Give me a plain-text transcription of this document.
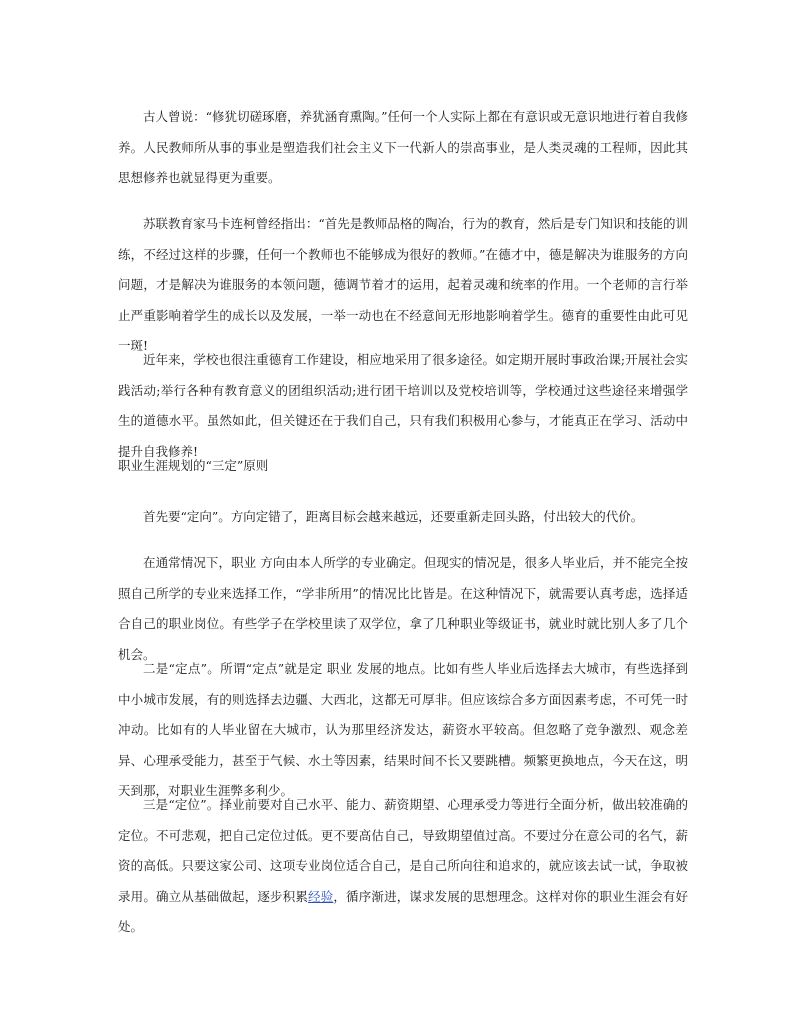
古人曾说：“修犹切磋琢磨，养犹涵育熏陶。”任何一个人实际上都在有意识或无意识地进行着自我修养。人民教师所从事的事业是塑造我们社会主义下一代新人的崇高事业，是人类灵魂的工程师，因此其思想修养也就显得更为重要。

苏联教育家马卡连柯曾经指出：“首先是教师品格的陶冶，行为的教育，然后是专门知识和技能的训练，不经过这样的步骤，任何一个教师也不能够成为很好的教师。”在德才中，德是解决为谁服务的方向问题，才是解决为谁服务的本领问题，德调节着才的运用，起着灵魂和统率的作用。一个老师的言行举止严重影响着学生的成长以及发展，一举一动也在不经意间无形地影响着学生。德育的重要性由此可见一斑!

近年来，学校也很注重德育工作建设，相应地采用了很多途径。如定期开展时事政治课;开展社会实践活动;举行各种有教育意义的团组织活动;进行团干培训以及党校培训等，学校通过这些途径来增强学生的道德水平。虽然如此，但关键还在于我们自己，只有我们积极用心参与，才能真正在学习、活动中提升自我修养!

职业生涯规划的“三定”原则

首先要“定向”。方向定错了，距离目标会越来越远，还要重新走回头路，付出较大的代价。

在通常情况下，职业 方向由本人所学的专业确定。但现实的情况是，很多人毕业后，并不能完全按照自己所学的专业来选择工作，“学非所用”的情况比比皆是。在这种情况下，就需要认真考虑，选择适合自己的职业岗位。有些学子在学校里读了双学位，拿了几种职业等级证书，就业时就比别人多了几个机会。

二是“定点”。所谓“定点”就是定 职业 发展的地点。比如有些人毕业后选择去大城市，有些选择到中小城市发展，有的则选择去边疆、大西北，这都无可厚非。但应该综合多方面因素考虑，不可凭一时冲动。比如有的人毕业留在大城市，认为那里经济发达，薪资水平较高。但忽略了竞争激烈、观念差异、心理承受能力，甚至于气候、水土等因素，结果时间不长又要跳槽。频繁更换地点，今天在这，明天到那，对职业生涯弊多利少。

三是“定位”。择业前要对自己水平、能力、薪资期望、心理承受力等进行全面分析，做出较准确的定位。不可悲观，把自己定位过低。更不要高估自己，导致期望值过高。不要过分在意公司的名气，薪资的高低。只要这家公司、这项专业岗位适合自己，是自己所向往和追求的，就应该去试一试，争取被录用。确立从基础做起，逐步积累经验，循序渐进，谋求发展的思想理念。这样对你的职业生涯会有好处。
